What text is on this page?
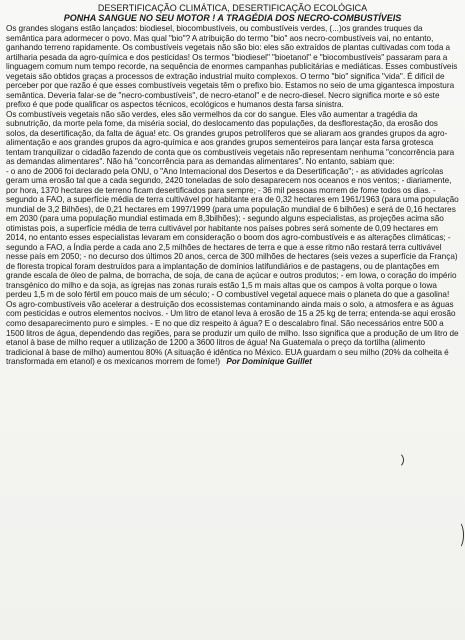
DESERTIFICAÇÃO CLIMÁTICA, DESERTIFICAÇÃO ECOLÓGICA
PONHA SANGUE NO SEU MOTOR ! A TRAGÉDIA DOS NECRO-COMBUSTÍVEIS

Os grandes slogans estão lançados: biodiesel, biocombustíveis, ou combustíveis verdes, (...)os grandes truques da semântica para adormecer o povo. Mas qual "bio"? A atribuição do termo "bio" aos necro-combustíveis vai, no entanto, ganhando terreno rapidamente. Os combustíveis vegetais não são bio: eles são extraídos de plantas cultivadas com toda a artilharia pesada da agro-química e dos pesticidas! Os termos "biodiesel" "bioetanol" e "biocombustíveis" passaram para a linguagem comum num tempo recorde, na sequência de enormes campanhas publicitárias e mediáticas. Esses combustíveis vegetais são obtidos graças a processos de extração industrial muito complexos. O termo "bio" significa "vida". É difícil de perceber por que razão é que esses combustíveis vegetais têm o prefixo bio. Estamos no seio de uma gigantesca impostura semântica. Deveria falar-se de "necro-combustíveis", de necro-etanol" e de necro-diesel. Necro significa morte e só este prefixo é que pode qualificar os aspectos técnicos, ecológicos e humanos desta farsa sinistra.

Os combustíveis vegetais não são verdes, eles são vermelhos da cor do sangue. Eles vão aumentar a tragédia da subnutrição, da morte pela fome, da miséria social, do deslocamento das populações, da desflorestação, da erosão dos solos, da desertificação, da falta de água! etc. Os grandes grupos petrolíferos que se aliaram aos grandes grupos da agro-alimentação e aos grandes grupos da agro-química e aos grandes grupos sementeiros para lançar esta farsa grotesca tentam tranquilizar o cidadão fazendo de conta que os combustíveis vegetais não representam nenhuma "concorrência para as demandas alimentares". Não há "concorrência para as demandas alimentares". No entanto, sabiam que:

- o ano de 2006 foi declarado pela ONU, o "Ano Internacional dos Desertos e da Desertificação"; - as atividades agrícolas geram uma erosão tal que a cada segundo, 2420 toneladas de solo desaparecem nos oceanos e nos ventos; - diariamente, por hora, 1370 hectares de terreno ficam desertificados para sempre; - 36 mil pessoas morrem de fome todos os dias. - segundo a FAO, a superfície média de terra cultivável por habitante era de 0,32 hectares em 1961/1963 (para uma população mundial de 3,2 Bilhões), de 0,21 hectares em 1997/1999 (para uma população mundial de 6 bilhões) e será de 0,16 hectares em 2030 (para uma população mundial estimada em 8,3bilhões); - segundo alguns especialistas, as projeções acima são otimistas pois, a superfície média de terra cultivável por habitante nos países pobres será somente de 0,09 hectares em 2014, no entanto esses especialistas levaram em consideração o boom dos agro-combustíveis e as alterações climáticas; - segundo a FAO, a Índia perde a cada ano 2,5 milhões de hectares de terra e que a esse ritmo não restará terra cultivável nesse país em 2050; - no decurso dos últimos 20 anos, cerca de 300 milhões de hectares (seis vezes a superfície da França) de floresta tropical foram destruídos para a implantação de domínios latifundiários e de pastagens, ou de plantações em grande escala de óleo de palma, de borracha, de soja, de cana de açúcar e outros produtos; - em Iowa, o coração do império transgénico do milho e da soja, as igrejas nas zonas rurais estão 1,5 m mais altas que os campos à volta porque o Iowa perdeu 1,5 m de solo fértil em pouco mais de um século; - O combustível vegetal aquece mais o planeta do que a gasolina! Os agro-combustíveis vão acelerar a destruição dos ecossistemas contaminando ainda mais o solo, a atmosfera e as águas com pesticidas e outros elementos nocivos. - Um litro de etanol leva à erosão de 15 a 25 kg de terra; entenda-se aqui erosão como desaparecimento puro e simples. - E no que diz respeito à água? E o descalabro final. São necessários entre 500 a 1500 litros de água, dependendo das regiões, para se produzir um quilo de milho. Isso significa que a produção de um litro de etanol à base de milho requer a utilização de 1200 a 3600 litros de água! Na Guatemala o preço da tortilha (alimento tradicional à base de milho) aumentou 80% (A situação é idêntica no México. EUA guardam o seu milho (20% da colheita é transformada em etanol) e os mexicanos morrem de fome!) Por Dominique Guillet
